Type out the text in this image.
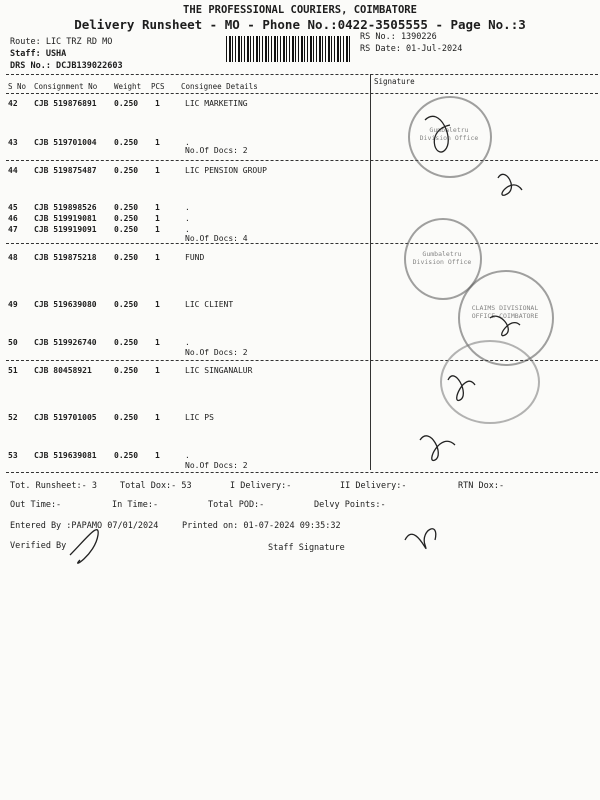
THE PROFESSIONAL COURIERS, COIMBATORE
Delivery Runsheet - MO - Phone No.:0422-3505555 - Page No.:3
Route: LIC TRZ RD MO
Staff: USHA
DRS No.: DCJB139022603
RS No.: 1390226
RS Date: 01-Jul-2024
S No Consignment No Weight PCS Consignee Details
Signature
42 CJB 519876891 0.250 1	LIC MARKETING
43 CJB 519701004 0.250 1	.
44 CJB 519875487 0.250 1	LIC PENSION GROUP
45 CJB 519898526 0.250 1	.
46 CJB 519919081 0.250 1	.
47 CJB 519919091 0.250 1	.
48 CJB 519875218 0.250 1	FUND
49 CJB 519639080 0.250 1	LIC CLIENT
50 CJB 519926740 0.250 1	.
51 CJB 80458921	0.250 1	LIC SINGANALUR
52 CJB 519701005 0.250 1	LIC PS
53 CJB 519639081 0.250 1	.
No.Of Docs: 2
No.Of Docs: 4
No.Of Docs: 2
No.Of Docs: 2
Gumbaletru Division Office
Gumbaletru Division Office
CLAIMS DIVISIONAL OFFICE COIMBATORE
Tot. Runsheet:- 3	Total Dox:- 53	I Delivery:-	II Delivery:-	RTN Dox:-
Out Time:-	In Time:-	Total POD:-	Delvy Points:-
Entered By :PAPAMO 07/01/2024	Printed on: 01-07-2024 09:35:32
Verified By	Staff Signature
